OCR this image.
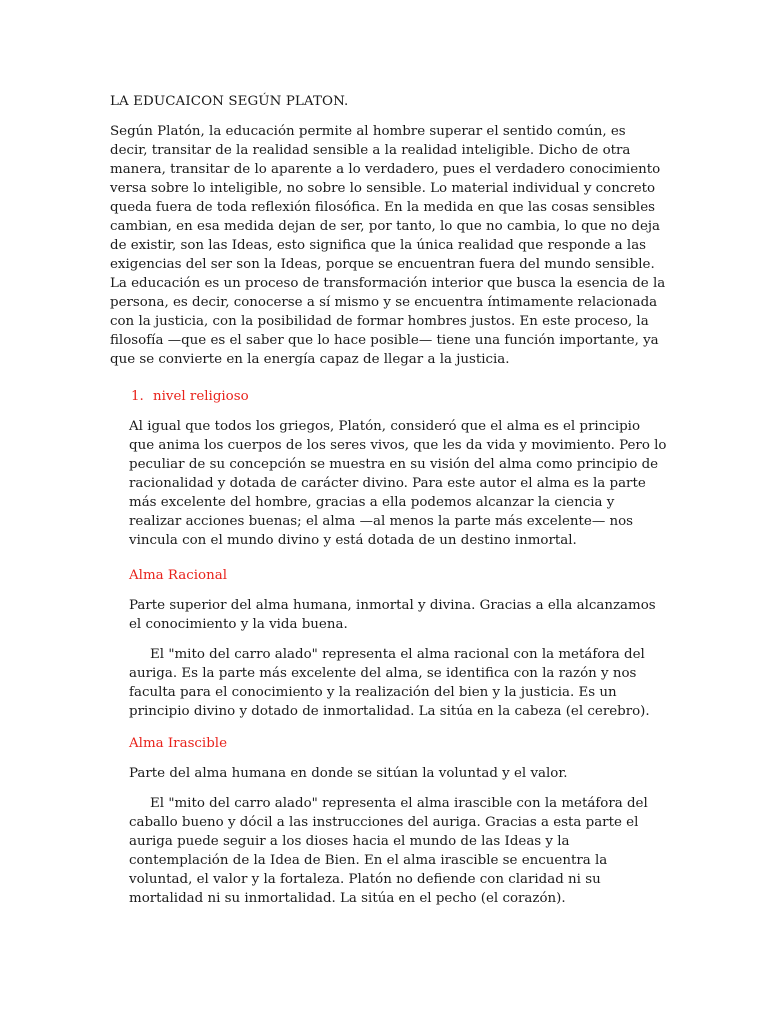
LA EDUCAICON SEGÚN PLATON.

Según Platón, la educación permite al hombre superar el sentido común, es decir, transitar de la realidad sensible a la realidad inteligible. Dicho de otra manera, transitar de lo aparente a lo verdadero, pues el verdadero conocimiento versa sobre lo inteligible, no sobre lo sensible. Lo material individual y concreto queda fuera de toda reflexión filosófica. En la medida en que las cosas sensibles cambian, en esa medida dejan de ser, por tanto, lo que no cambia, lo que no deja de existir, son las Ideas, esto significa que la única realidad que responde a las exigencias del ser son la Ideas, porque se encuentran fuera del mundo sensible. La educación es un proceso de transformación interior que busca la esencia de la persona, es decir, conocerse a sí mismo y se encuentra íntimamente relacionada con la justicia, con la posibilidad de formar hombres justos. En este proceso, la filosofía —que es el saber que lo hace posible— tiene una función importante, ya que se convierte en la energía capaz de llegar a la justicia.

1. nivel religioso

Al igual que todos los griegos, Platón, consideró que el alma es el principio que anima los cuerpos de los seres vivos, que les da vida y movimiento. Pero lo peculiar de su concepción se muestra en su visión del alma como principio de racionalidad y dotada de carácter divino. Para este autor el alma es la parte más excelente del hombre, gracias a ella podemos alcanzar la ciencia y realizar acciones buenas; el alma —al menos la parte más excelente— nos vincula con el mundo divino y está dotada de un destino inmortal.

Alma Racional

Parte superior del alma humana, inmortal y divina. Gracias a ella alcanzamos el conocimiento y la vida buena.

El "mito del carro alado" representa el alma racional con la metáfora del auriga. Es la parte más excelente del alma, se identifica con la razón y nos faculta para el conocimiento y la realización del bien y la justicia. Es un principio divino y dotado de inmortalidad. La sitúa en la cabeza (el cerebro).

Alma Irascible

Parte del alma humana en donde se sitúan la voluntad y el valor.

El "mito del carro alado" representa el alma irascible con la metáfora del caballo bueno y dócil a las instrucciones del auriga. Gracias a esta parte el auriga puede seguir a los dioses hacia el mundo de las Ideas y la contemplación de la Idea de Bien. En el alma irascible se encuentra la voluntad, el valor y la fortaleza. Platón no defiende con claridad ni su mortalidad ni su inmortalidad. La sitúa en el pecho (el corazón).
